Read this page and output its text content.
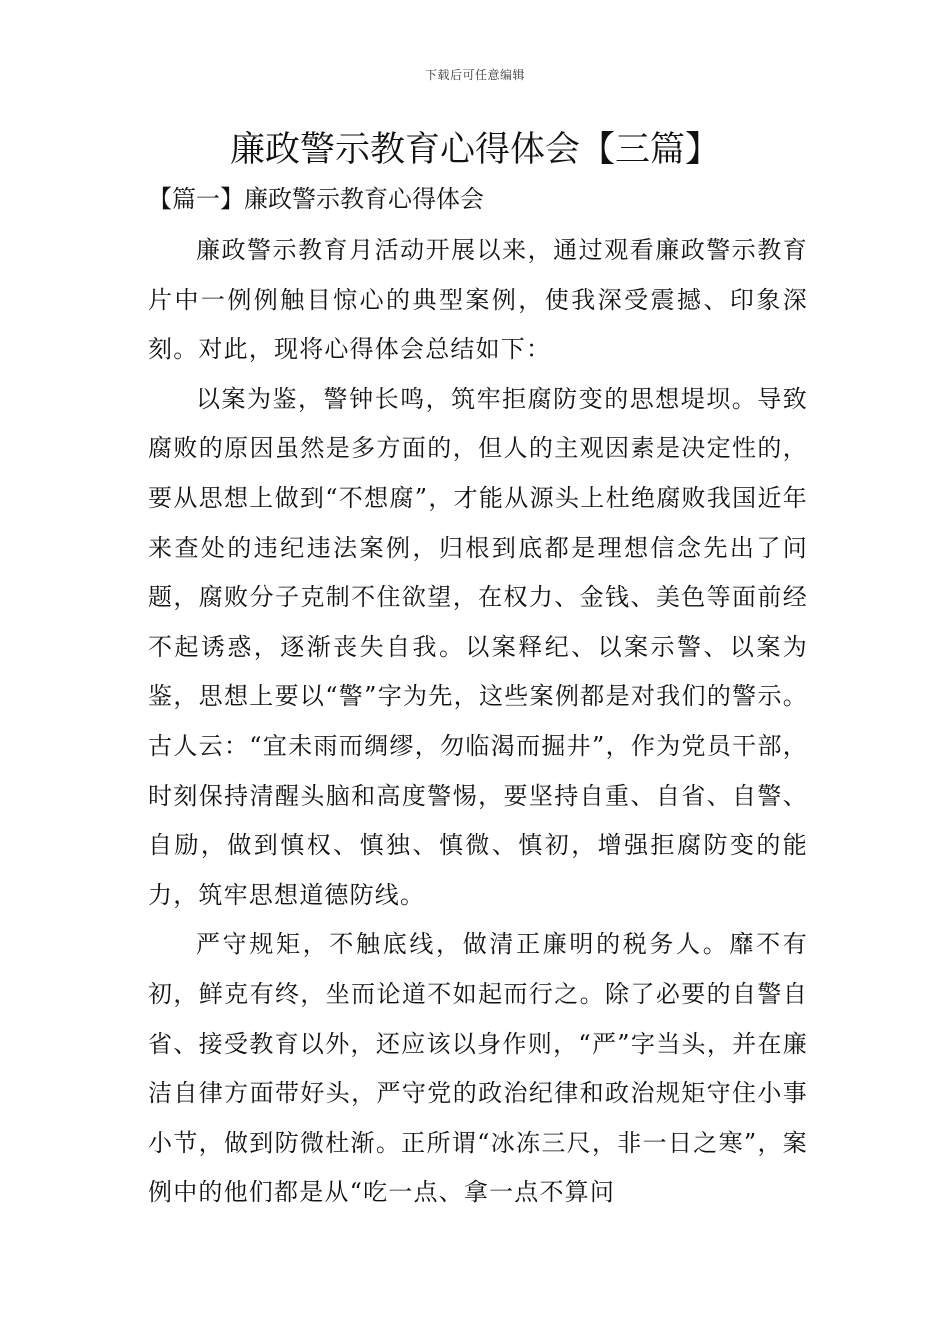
下载后可任意编辑
廉政警示教育心得体会【三篇】
【篇一】廉政警示教育心得体会

廉政警示教育月活动开展以来，通过观看廉政警示教育片中一例例触目惊心的典型案例，使我深受震撼、印象深刻。对此，现将心得体会总结如下：

以案为鉴，警钟长鸣，筑牢拒腐防变的思想堤坝。导致腐败的原因虽然是多方面的，但人的主观因素是决定性的，要从思想上做到“不想腐”，才能从源头上杜绝腐败我国近年来查处的违纪违法案例，归根到底都是理想信念先出了问题，腐败分子克制不住欲望，在权力、金钱、美色等面前经不起诱惑，逐渐丧失自我。以案释纪、以案示警、以案为鉴，思想上要以“警”字为先，这些案例都是对我们的警示。古人云：“宜未雨而绸缪，勿临渴而掘井”，作为党员干部，时刻保持清醒头脑和高度警惕，要坚持自重、自省、自警、自励，做到慎权、慎独、慎微、慎初，增强拒腐防变的能力，筑牢思想道德防线。

严守规矩，不触底线，做清正廉明的税务人。靡不有初，鲜克有终，坐而论道不如起而行之。除了必要的自警自省、接受教育以外，还应该以身作则，“严”字当头，并在廉洁自律方面带好头，严守党的政治纪律和政治规矩守住小事小节，做到防微杜渐。正所谓“冰冻三尺，非一日之寒”，案例中的他们都是从“吃一点、拿一点不算问
